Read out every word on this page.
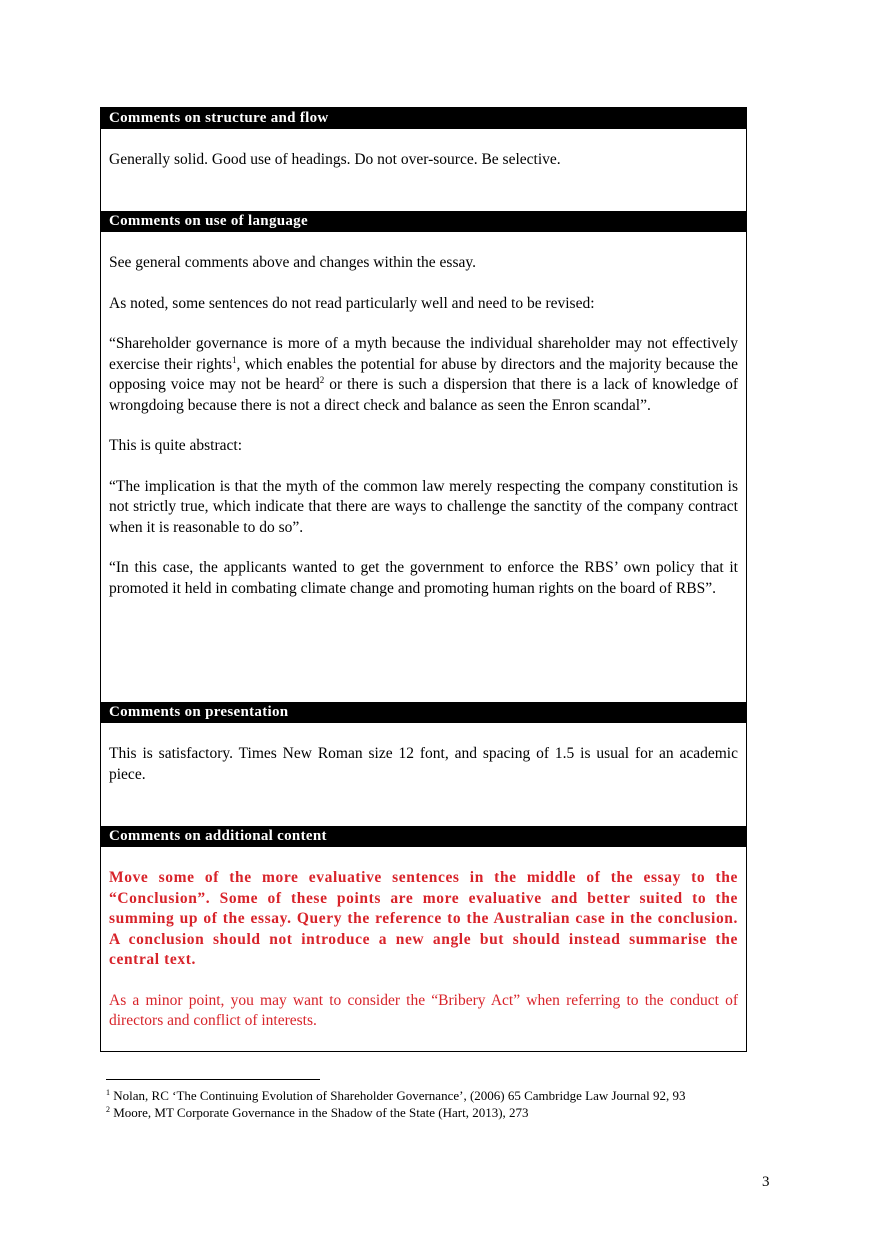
Comments on structure and flow

Generally solid. Good use of headings. Do not over-source. Be selective.

Comments on use of language

See general comments above and changes within the essay.

As noted, some sentences do not read particularly well and need to be revised:

“Shareholder governance is more of a myth because the individual shareholder may not effectively exercise their rights$^1$, which enables the potential for abuse by directors and the majority because the opposing voice may not be heard$^2$ or there is such a dispersion that there is a lack of knowledge of wrongdoing because there is not a direct check and balance as seen the Enron scandal”.

This is quite abstract:

“The implication is that the myth of the common law merely respecting the company constitution is not strictly true, which indicate that there are ways to challenge the sanctity of the company contract when it is reasonable to do so”.

“In this case, the applicants wanted to get the government to enforce the RBS’ own policy that it promoted it held in combating climate change and promoting human rights on the board of RBS”.

Comments on presentation

This is satisfactory. Times New Roman size 12 font, and spacing of 1.5 is usual for an academic piece.

Comments on additional content

Move some of the more evaluative sentences in the middle of the essay to the “Conclusion”. Some of these points are more evaluative and better suited to the summing up of the essay. Query the reference to the Australian case in the conclusion. A conclusion should not introduce a new angle but should instead summarise the central text.

As a minor point, you may want to consider the “Bribery Act” when referring to the conduct of directors and conflict of interests.

$^1$ Nolan, RC ‘The Continuing Evolution of Shareholder Governance’, (2006) 65 Cambridge Law Journal 92, 93
$^2$ Moore, MT Corporate Governance in the Shadow of the State (Hart, 2013), 273
3
